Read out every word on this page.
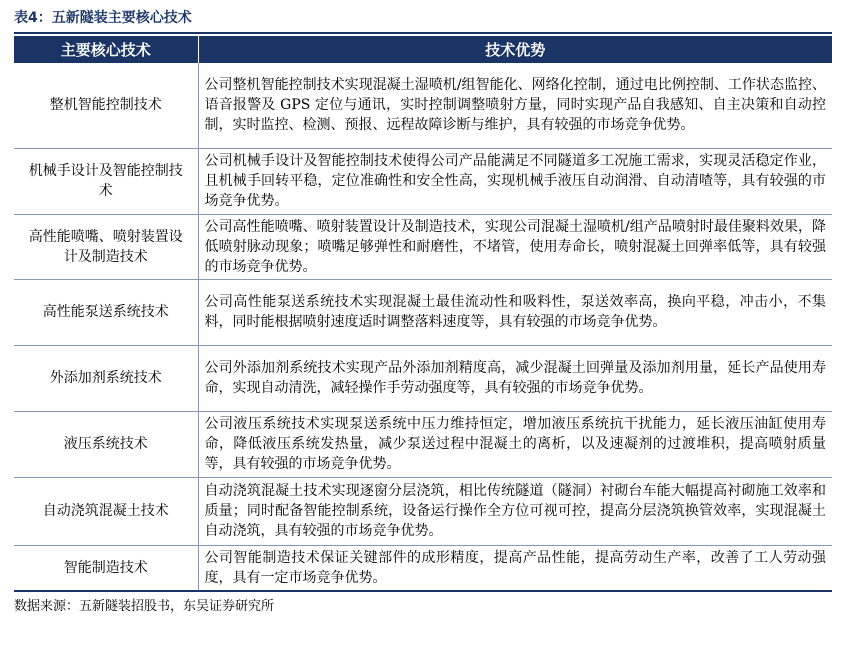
表4：五新隧装主要核心技术
主要核心技术	技术优势
整机智能控制技术	公司整机智能控制技术实现混凝土湿喷机/组智能化、网络化控制，通过电比例控制、工作状态监控、语音报警及 GPS 定位与通讯，实时控制调整喷射方量，同时实现产品自我感知、自主决策和自动控制，实时监控、检测、预报、远程故障诊断与维护，具有较强的市场竞争优势。
机械手设计及智能控制技术	公司机械手设计及智能控制技术使得公司产品能满足不同隧道多工况施工需求，实现灵活稳定作业，且机械手回转平稳，定位准确性和安全性高，实现机械手液压自动润滑、自动清喳等，具有较强的市场竞争优势。
高性能喷嘴、喷射装置设计及制造技术	公司高性能喷嘴、喷射装置设计及制造技术，实现公司混凝土湿喷机/组产品喷射时最佳聚料效果，降低喷射脉动现象；喷嘴足够弹性和耐磨性，不堵管，使用寿命长，喷射混凝土回弹率低等，具有较强的市场竞争优势。
高性能泵送系统技术	公司高性能泵送系统技术实现混凝土最佳流动性和吸料性，泵送效率高，换向平稳，冲击小，不集料，同时能根据喷射速度适时调整落料速度等，具有较强的市场竞争优势。
外添加剂系统技术	公司外添加剂系统技术实现产品外添加剂精度高，减少混凝土回弹量及添加剂用量，延长产品使用寿命，实现自动清洗，减轻操作手劳动强度等，具有较强的市场竞争优势。
液压系统技术	公司液压系统技术实现泵送系统中压力维持恒定，增加液压系统抗干扰能力，延长液压油缸使用寿命，降低液压系统发热量，减少泵送过程中混凝土的离析，以及速凝剂的过渡堆积，提高喷射质量等，具有较强的市场竞争优势。
自动浇筑混凝土技术	自动浇筑混凝土技术实现逐窗分层浇筑，相比传统隧道（隧洞）衬砌台车能大幅提高衬砌施工效率和质量；同时配备智能控制系统，设备运行操作全方位可视可控，提高分层浇筑换管效率，实现混凝土自动浇筑，具有较强的市场竞争优势。
智能制造技术	公司智能制造技术保证关键部件的成形精度，提高产品性能，提高劳动生产率，改善了工人劳动强度，具有一定市场竞争优势。
数据来源：五新隧装招股书，东吴证券研究所
